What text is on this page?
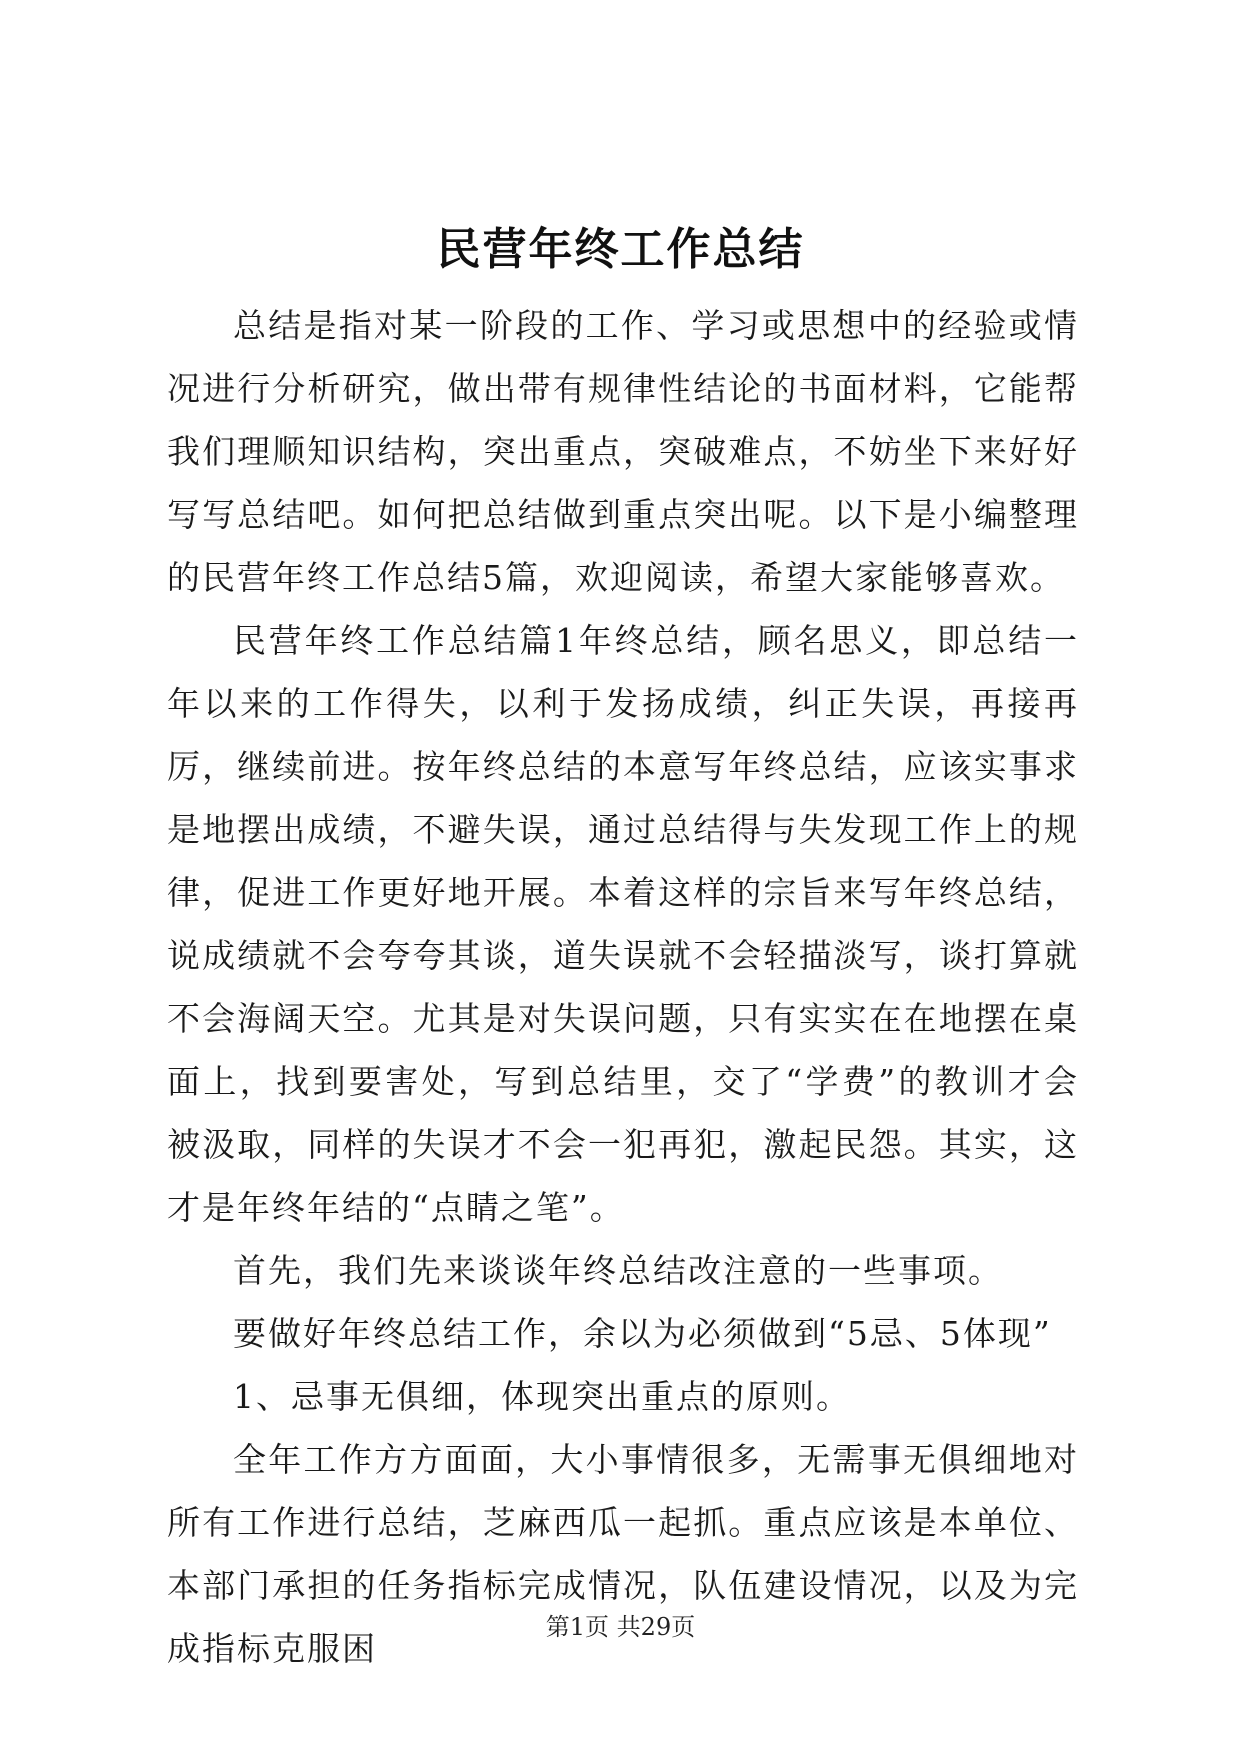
民营年终工作总结

总结是指对某一阶段的工作、学习或思想中的经验或情况进行分析研究，做出带有规律性结论的书面材料，它能帮我们理顺知识结构，突出重点，突破难点，不妨坐下来好好写写总结吧。如何把总结做到重点突出呢。以下是小编整理的民营年终工作总结5篇，欢迎阅读，希望大家能够喜欢。

民营年终工作总结篇1年终总结，顾名思义，即总结一年以来的工作得失，以利于发扬成绩，纠正失误，再接再厉，继续前进。按年终总结的本意写年终总结，应该实事求是地摆出成绩，不避失误，通过总结得与失发现工作上的规律，促进工作更好地开展。本着这样的宗旨来写年终总结，说成绩就不会夸夸其谈，道失误就不会轻描淡写，谈打算就不会海阔天空。尤其是对失误问题，只有实实在在地摆在桌面上，找到要害处，写到总结里，交了“学费”的教训才会被汲取，同样的失误才不会一犯再犯，激起民怨。其实，这才是年终年结的“点睛之笔”。

首先，我们先来谈谈年终总结改注意的一些事项。

要做好年终总结工作，余以为必须做到“5忌、5体现”

1、忌事无俱细，体现突出重点的原则。

全年工作方方面面，大小事情很多，无需事无俱细地对所有工作进行总结，芝麻西瓜一起抓。重点应该是本单位、本部门承担的任务指标完成情况，队伍建设情况，以及为完成指标克服困

第1页 共29页
